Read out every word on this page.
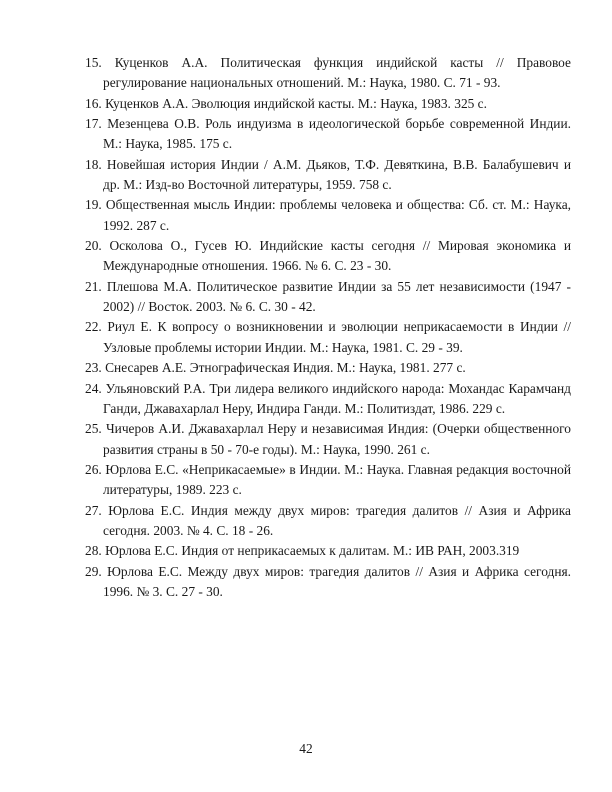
15. Куценков А.А. Политическая функция индийской касты // Правовое регулирование национальных отношений. М.: Наука, 1980. С. 71 - 93.

16. Куценков А.А. Эволюция индийской касты. М.: Наука, 1983. 325 с.

17. Мезенцева О.В. Роль индуизма в идеологической борьбе современной Индии. М.: Наука, 1985. 175 с.

18. Новейшая история Индии / А.М. Дьяков, Т.Ф. Девяткина, В.В. Балабушевич и др. М.: Изд-во Восточной литературы, 1959. 758 с.

19. Общественная мысль Индии: проблемы человека и общества: Сб. ст. М.: Наука, 1992. 287 с.

20. Осколова О., Гусев Ю. Индийские касты сегодня // Мировая экономика и Международные отношения. 1966. № 6. С. 23 - 30.

21. Плешова М.А. Политическое развитие Индии за 55 лет независимости (1947 - 2002) // Восток. 2003. № 6. С. 30 - 42.

22. Риул Е. К вопросу о возникновении и эволюции неприкасаемости в Индии // Узловые проблемы истории Индии. М.: Наука, 1981. С. 29 - 39.

23. Снесарев А.Е. Этнографическая Индия. М.: Наука, 1981. 277 с.

24. Ульяновский Р.А. Три лидера великого индийского народа: Мохандас Карамчанд Ганди, Джавахарлал Неру, Индира Ганди. М.: Политиздат, 1986. 229 с.

25. Чичеров А.И. Джавахарлал Неру и независимая Индия: (Очерки общественного развития страны в 50 - 70-е годы). М.: Наука, 1990. 261 с.

26. Юрлова Е.С. «Неприкасаемые» в Индии. М.: Наука. Главная редакция восточной литературы, 1989. 223 с.

27. Юрлова Е.С. Индия между двух миров: трагедия далитов // Азия и Африка сегодня. 2003. № 4. С. 18 - 26.

28. Юрлова Е.С. Индия от неприкасаемых к далитам. М.: ИВ РАН, 2003.319

29. Юрлова Е.С. Между двух миров: трагедия далитов // Азия и Африка сегодня. 1996. № 3. С. 27 - 30.

42
